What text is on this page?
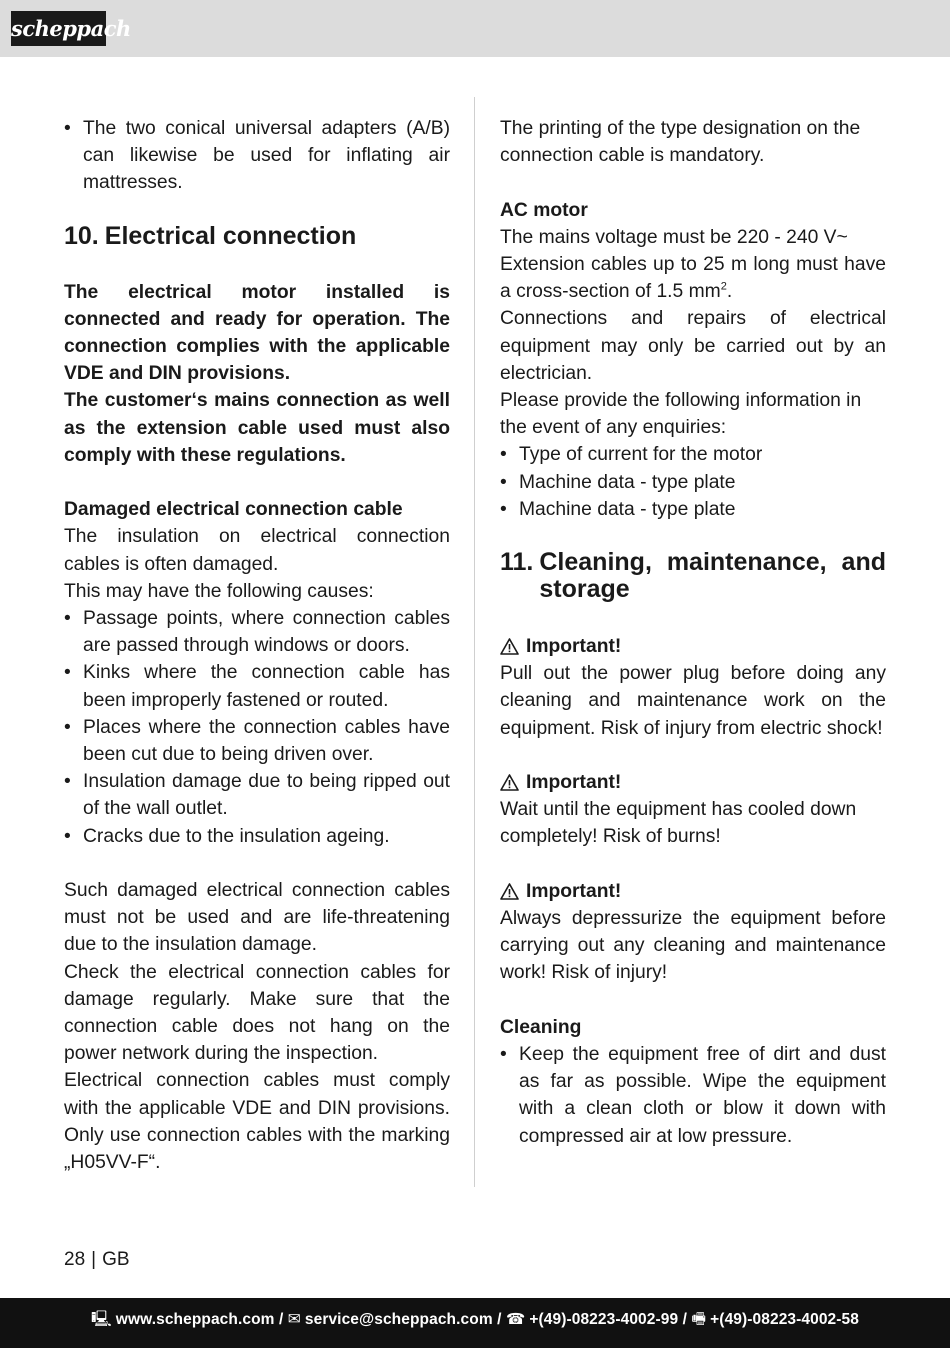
scheppach
• The two conical universal adapters (A/B) can likewise be used for inflating air mattresses.
10. Electrical connection

The electrical motor installed is connected and ready for operation. The connection complies with the applicable VDE and DIN provisions.

The customer‘s mains connection as well as the extension cable used must also comply with these regulations.

Damaged electrical connection cable

The insulation on electrical connection cables is often damaged.

This may have the following causes:

• Passage points, where connection cables are passed through windows or doors.
• Kinks where the connection cable has been improperly fastened or routed.
• Places where the connection cables have been cut due to being driven over.
• Insulation damage due to being ripped out of the wall outlet.
• Cracks due to the insulation ageing.

Such damaged electrical connection cables must not be used and are life-threatening due to the insulation damage.

Check the electrical connection cables for damage regularly. Make sure that the connection cable does not hang on the power network during the inspection.

Electrical connection cables must comply with the applicable VDE and DIN provisions. Only use connection cables with the marking „H05VV-F“.

The printing of the type designation on the connection cable is mandatory.

AC motor

The mains voltage must be 220 - 240 V~

Extension cables up to 25 m long must have a cross-section of 1.5 $mm^2$.

Connections and repairs of electrical equipment may only be carried out by an electrician.

Please provide the following information in the event of any enquiries:

• Type of current for the motor
• Machine data - type plate
• Machine data - type plate
11. Cleaning, maintenance, and storage

Important!

Pull out the power plug before doing any cleaning and maintenance work on the equipment. Risk of injury from electric shock!

Important!

Wait until the equipment has cooled down completely! Risk of burns!

Important!

Always depressurize the equipment before carrying out any cleaning and maintenance work! Risk of injury!

Cleaning

• Keep the equipment free of dirt and dust as far as possible. Wipe the equipment with a clean cloth or blow it down with compressed air at low pressure.
28 | GB
🖳 www.scheppach.com / ✉ service@scheppach.com / ☎ +(49)-08223-4002-99 / 🖷 +(49)-08223-4002-58
